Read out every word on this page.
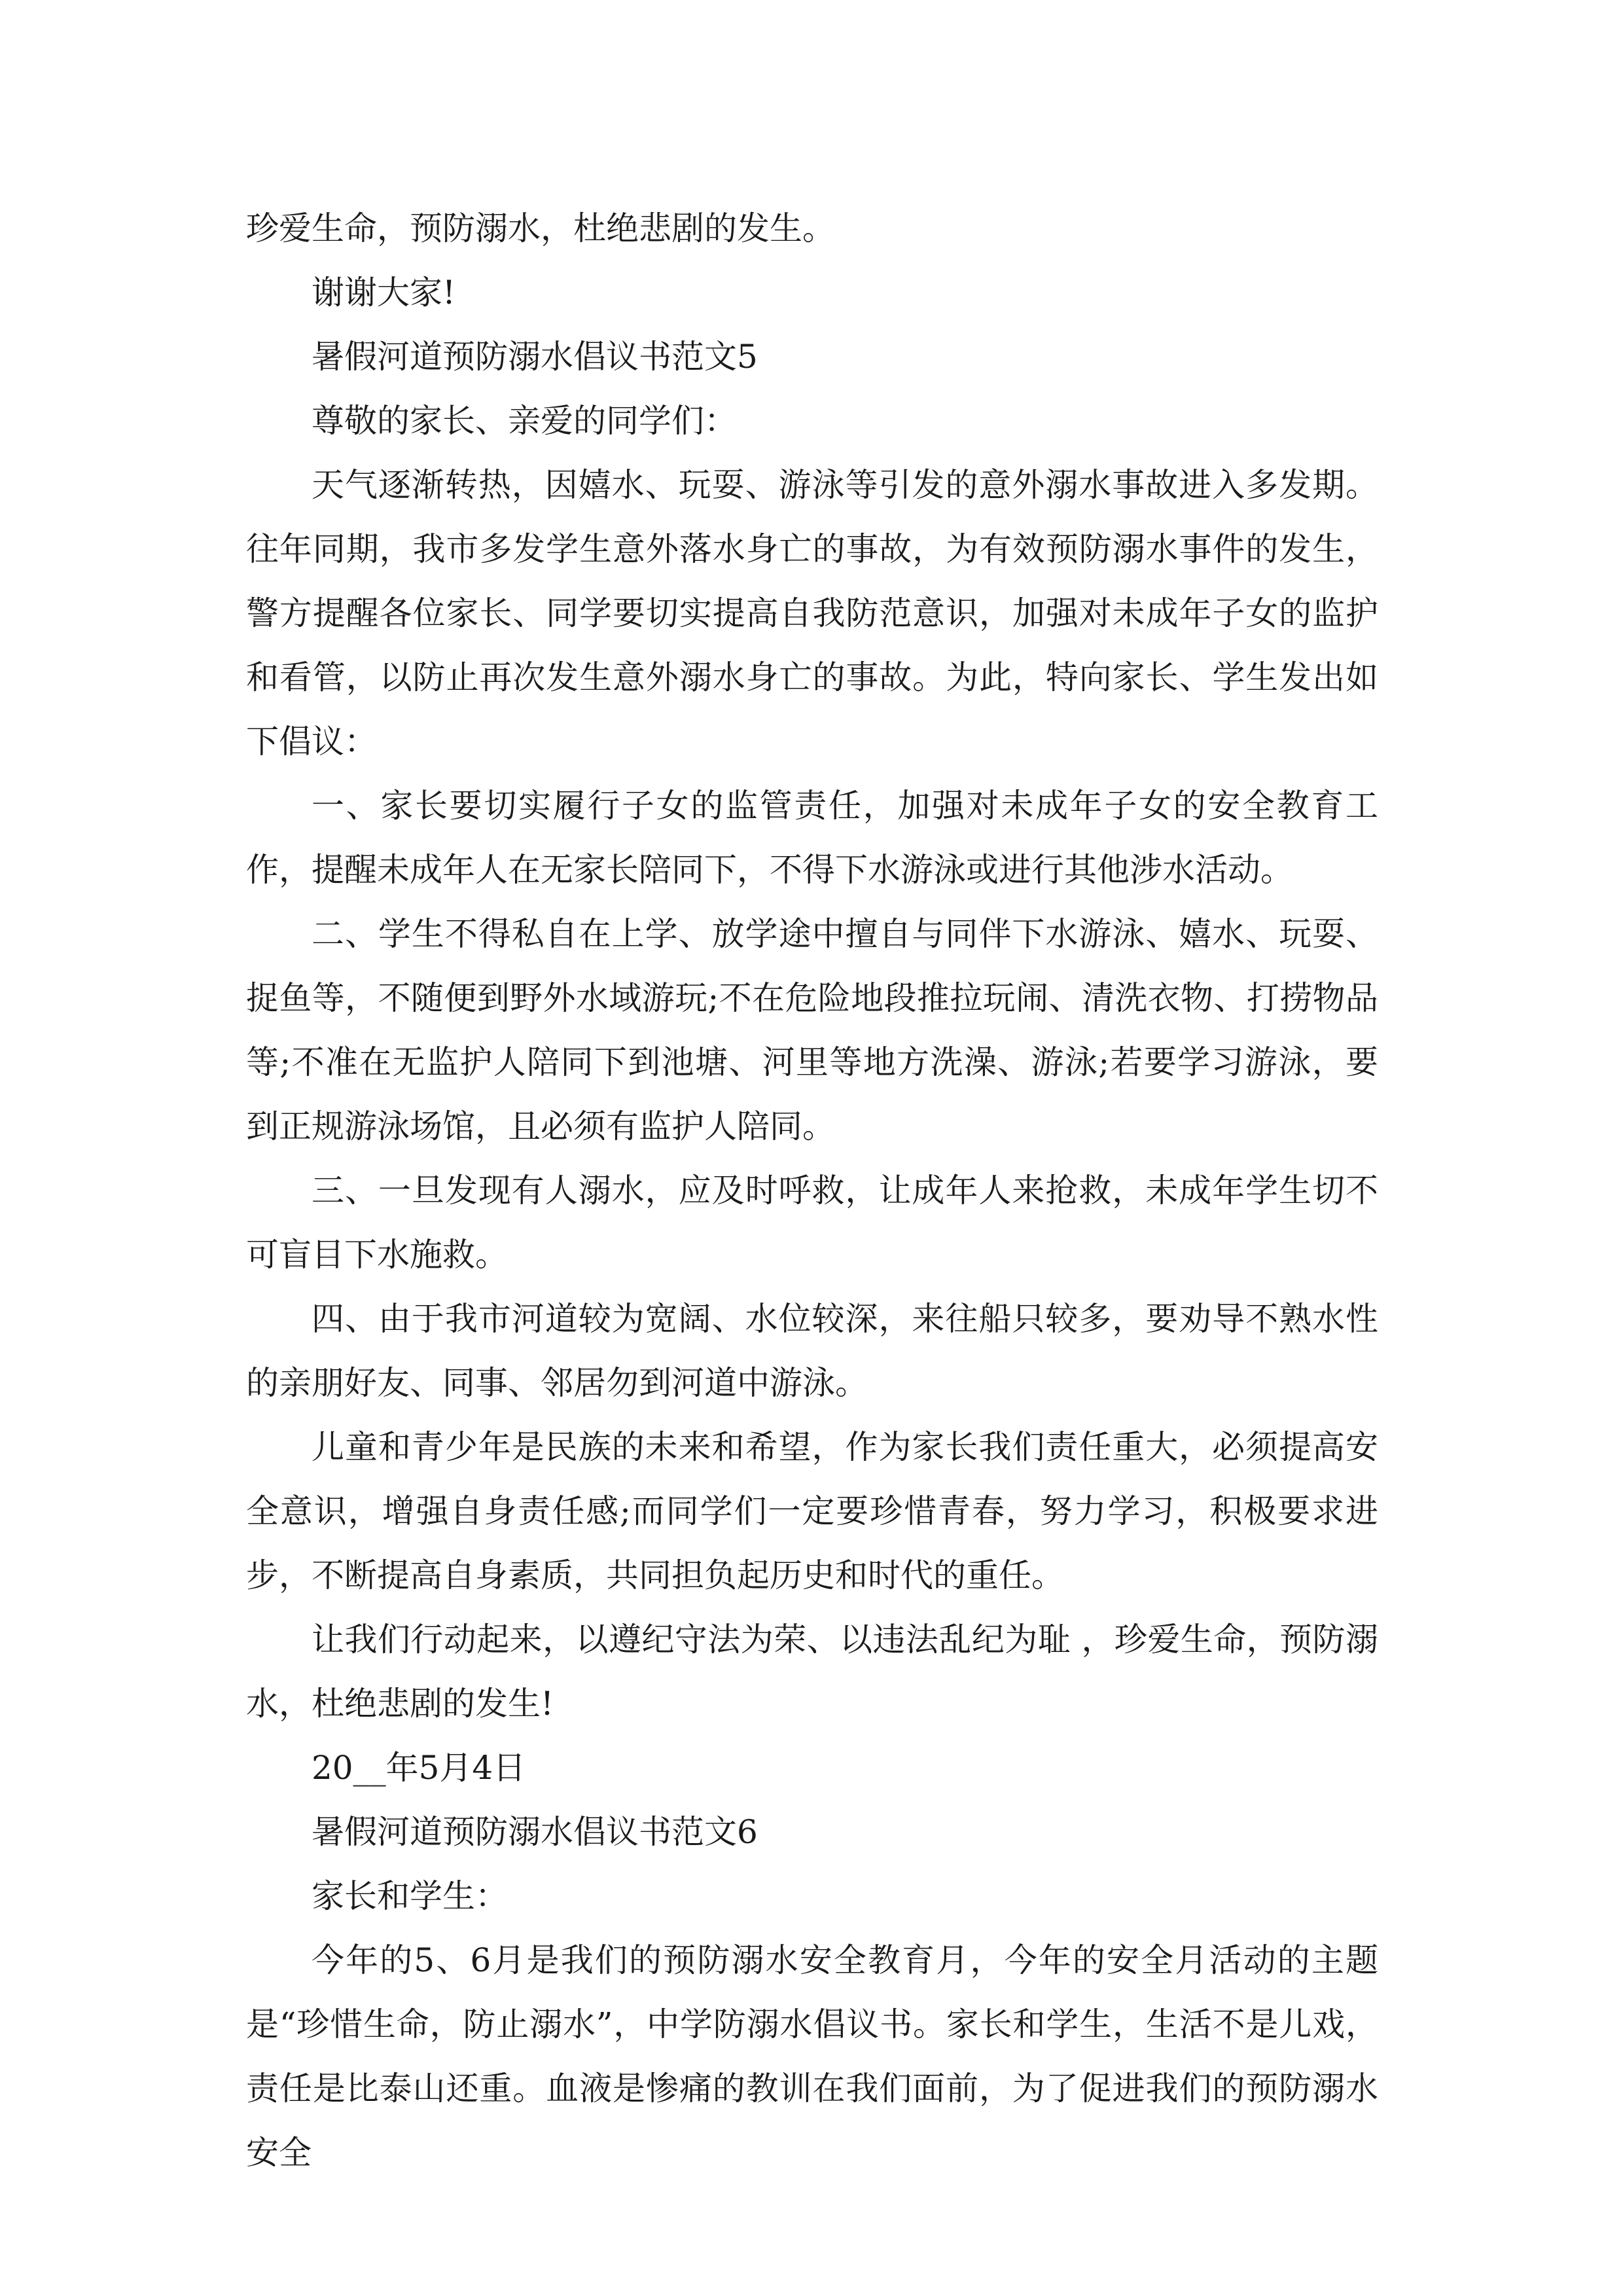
珍爱生命，预防溺水，杜绝悲剧的发生。

谢谢大家!

暑假河道预防溺水倡议书范文5

尊敬的家长、亲爱的同学们：

天气逐渐转热，因嬉水、玩耍、游泳等引发的意外溺水事故进入多发期。往年同期，我市多发学生意外落水身亡的事故，为有效预防溺水事件的发生，警方提醒各位家长、同学要切实提高自我防范意识，加强对未成年子女的监护和看管，以防止再次发生意外溺水身亡的事故。为此，特向家长、学生发出如下倡议：

一、家长要切实履行子女的监管责任，加强对未成年子女的安全教育工作，提醒未成年人在无家长陪同下，不得下水游泳或进行其他涉水活动。

二、学生不得私自在上学、放学途中擅自与同伴下水游泳、嬉水、玩耍、捉鱼等，不随便到野外水域游玩;不在危险地段推拉玩闹、清洗衣物、打捞物品等;不准在无监护人陪同下到池塘、河里等地方洗澡、游泳;若要学习游泳，要到正规游泳场馆，且必须有监护人陪同。

三、一旦发现有人溺水，应及时呼救，让成年人来抢救，未成年学生切不可盲目下水施救。

四、由于我市河道较为宽阔、水位较深，来往船只较多，要劝导不熟水性的亲朋好友、同事、邻居勿到河道中游泳。

儿童和青少年是民族的未来和希望，作为家长我们责任重大，必须提高安全意识，增强自身责任感;而同学们一定要珍惜青春，努力学习，积极要求进步，不断提高自身素质，共同担负起历史和时代的重任。

让我们行动起来，以遵纪守法为荣、以违法乱纪为耻 ，珍爱生命，预防溺水，杜绝悲剧的发生!

20__年5月4日

暑假河道预防溺水倡议书范文6

家长和学生：

今年的5、6月是我们的预防溺水安全教育月，今年的安全月活动的主题是“珍惜生命，防止溺水”，中学防溺水倡议书。家长和学生，生活不是儿戏，责任是比泰山还重。血液是惨痛的教训在我们面前，为了促进我们的预防溺水安全
